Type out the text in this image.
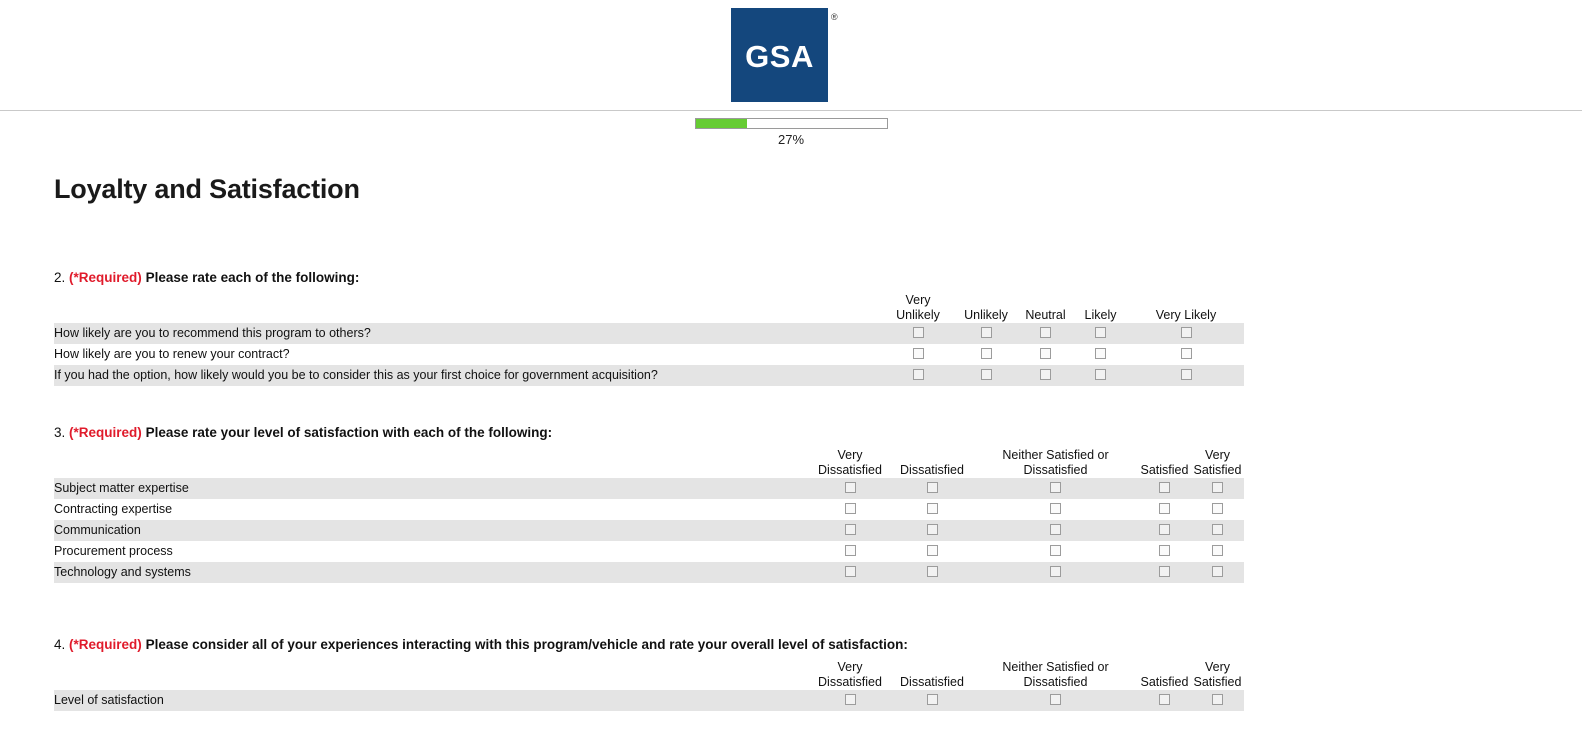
GSA
®
27%
Loyalty and Satisfaction
2. (*Required) Please rate each of the following:
	Very Unlikely	Unlikely	Neutral	Likely	Very Likely
How likely are you to recommend this program to others?					
How likely are you to renew your contract?					
If you had the option, how likely would you be to consider this as your first choice for government acquisition?					
3. (*Required) Please rate your level of satisfaction with each of the following:
	Very Dissatisfied	Dissatisfied	Neither Satisfied or Dissatisfied	Satisfied	Very Satisfied
Subject matter expertise					
Contracting expertise					
Communication					
Procurement process					
Technology and systems					
4. (*Required) Please consider all of your experiences interacting with this program/vehicle and rate your overall level of satisfaction:
	Very Dissatisfied	Dissatisfied	Neither Satisfied or Dissatisfied	Satisfied	Very Satisfied
Level of satisfaction					
